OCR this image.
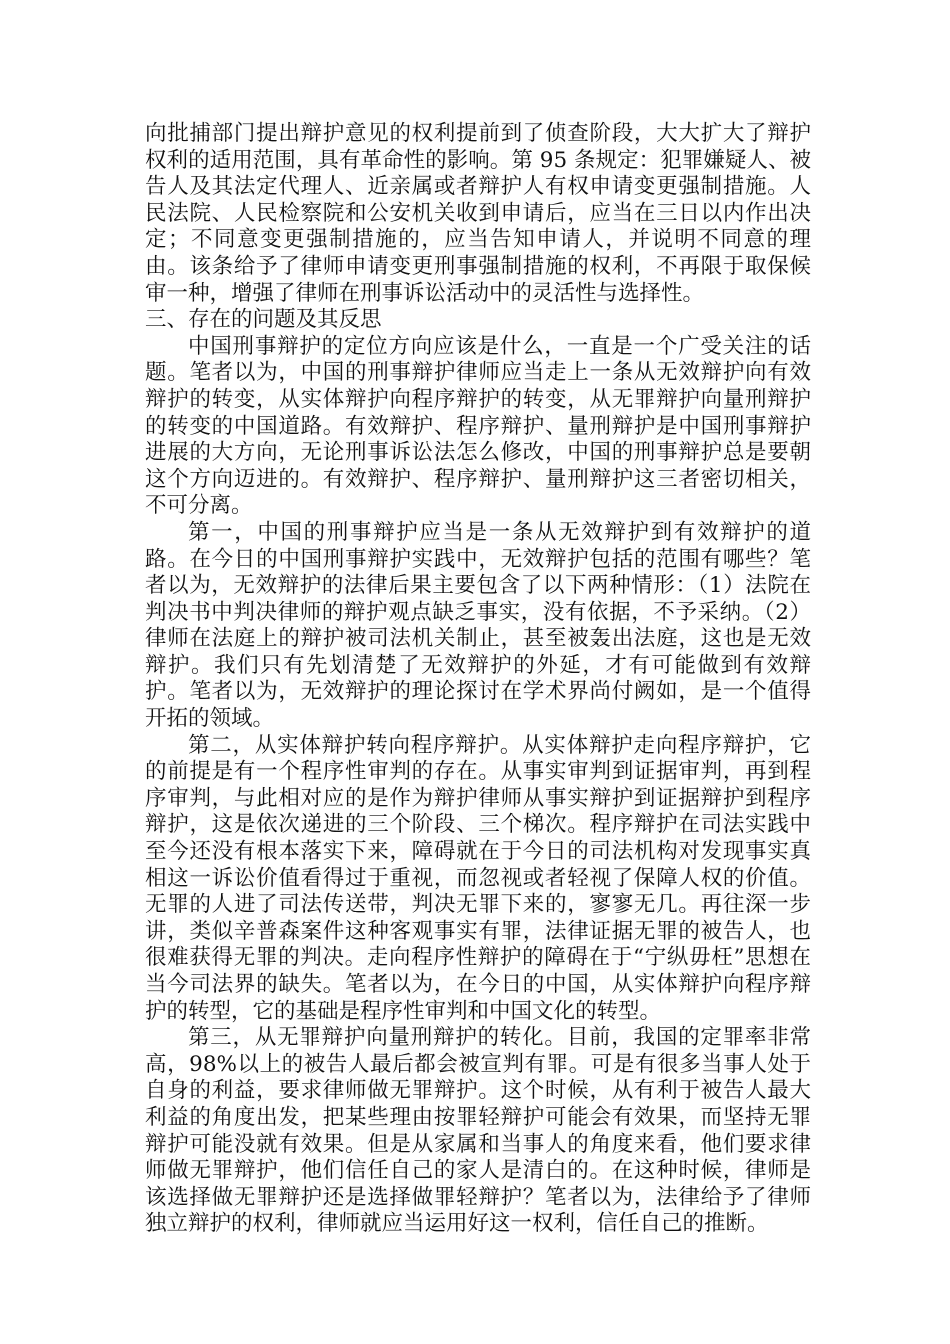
向批捕部门提出辩护意见的权利提前到了侦查阶段，大大扩大了辩护权利的适用范围，具有革命性的影响。第 95 条规定：犯罪嫌疑人、被告人及其法定代理人、近亲属或者辩护人有权申请变更强制措施。人民法院、人民检察院和公安机关收到申请后，应当在三日以内作出决定；不同意变更强制措施的，应当告知申请人，并说明不同意的理由。该条给予了律师申请变更刑事强制措施的权利，不再限于取保候审一种，增强了律师在刑事诉讼活动中的灵活性与选择性。

三、存在的问题及其反思

中国刑事辩护的定位方向应该是什么，一直是一个广受关注的话题。笔者以为，中国的刑事辩护律师应当走上一条从无效辩护向有效辩护的转变，从实体辩护向程序辩护的转变，从无罪辩护向量刑辩护的转变的中国道路。有效辩护、程序辩护、量刑辩护是中国刑事辩护进展的大方向，无论刑事诉讼法怎么修改，中国的刑事辩护总是要朝这个方向迈进的。有效辩护、程序辩护、量刑辩护这三者密切相关，不可分离。

第一，中国的刑事辩护应当是一条从无效辩护到有效辩护的道路。在今日的中国刑事辩护实践中，无效辩护包括的范围有哪些？笔者以为，无效辩护的法律后果主要包含了以下两种情形：（1）法院在判决书中判决律师的辩护观点缺乏事实，没有依据，不予采纳。（2）律师在法庭上的辩护被司法机关制止，甚至被轰出法庭，这也是无效辩护。我们只有先划清楚了无效辩护的外延，才有可能做到有效辩护。笔者以为，无效辩护的理论探讨在学术界尚付阙如，是一个值得开拓的领域。

第二，从实体辩护转向程序辩护。从实体辩护走向程序辩护，它的前提是有一个程序性审判的存在。从事实审判到证据审判，再到程序审判，与此相对应的是作为辩护律师从事实辩护到证据辩护到程序辩护，这是依次递进的三个阶段、三个梯次。程序辩护在司法实践中至今还没有根本落实下来，障碍就在于今日的司法机构对发现事实真相这一诉讼价值看得过于重视，而忽视或者轻视了保障人权的价值。无罪的人进了司法传送带，判决无罪下来的，寥寥无几。再往深一步讲，类似辛普森案件这种客观事实有罪，法律证据无罪的被告人，也很难获得无罪的判决。走向程序性辩护的障碍在于“宁纵毋枉”思想在当今司法界的缺失。笔者以为，在今日的中国，从实体辩护向程序辩护的转型，它的基础是程序性审判和中国文化的转型。

第三，从无罪辩护向量刑辩护的转化。目前，我国的定罪率非常高，98%以上的被告人最后都会被宣判有罪。可是有很多当事人处于自身的利益，要求律师做无罪辩护。这个时候，从有利于被告人最大利益的角度出发，把某些理由按罪轻辩护可能会有效果，而坚持无罪辩护可能没就有效果。但是从家属和当事人的角度来看，他们要求律师做无罪辩护，他们信任自己的家人是清白的。在这种时候，律师是该选择做无罪辩护还是选择做罪轻辩护？笔者以为，法律给予了律师独立辩护的权利，律师就应当运用好这一权利，信任自己的推断。
